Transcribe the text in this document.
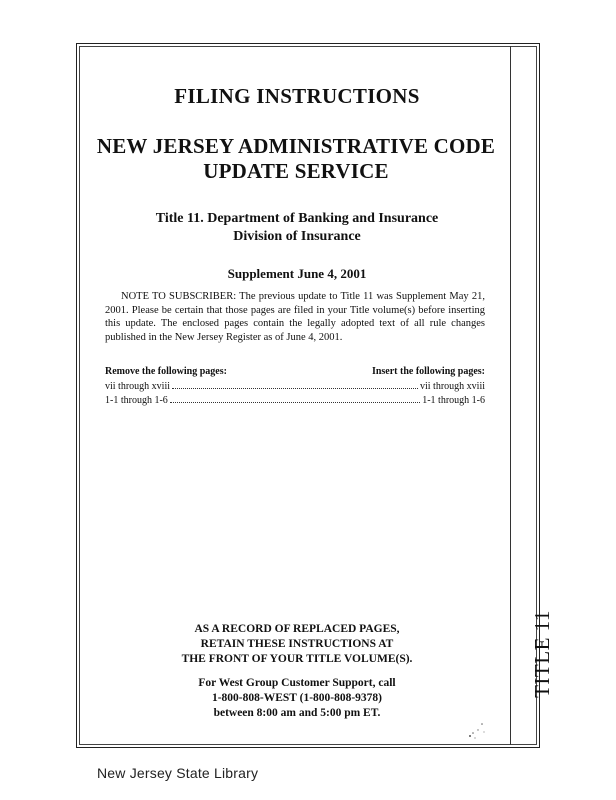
TITLE 11
FILING INSTRUCTIONS
NEW JERSEY ADMINISTRATIVE CODE
UPDATE SERVICE
Title 11. Department of Banking and Insurance
Division of Insurance
Supplement June 4, 2001
NOTE TO SUBSCRIBER: The previous update to Title 11 was Supplement May 21, 2001. Please be certain that those pages are filed in your Title volume(s) before inserting this update. The enclosed pages contain the legally adopted text of all rule changes published in the New Jersey Register as of June 4, 2001.
Remove the following pages:	Insert the following pages:
vii through xviii	vii through xviii
1-1 through 1-6	1-1 through 1-6
AS A RECORD OF REPLACED PAGES,
RETAIN THESE INSTRUCTIONS AT
THE FRONT OF YOUR TITLE VOLUME(S).
For West Group Customer Support, call
1-800-808-WEST (1-800-808-9378)
between 8:00 am and 5:00 pm ET.
New Jersey State Library
